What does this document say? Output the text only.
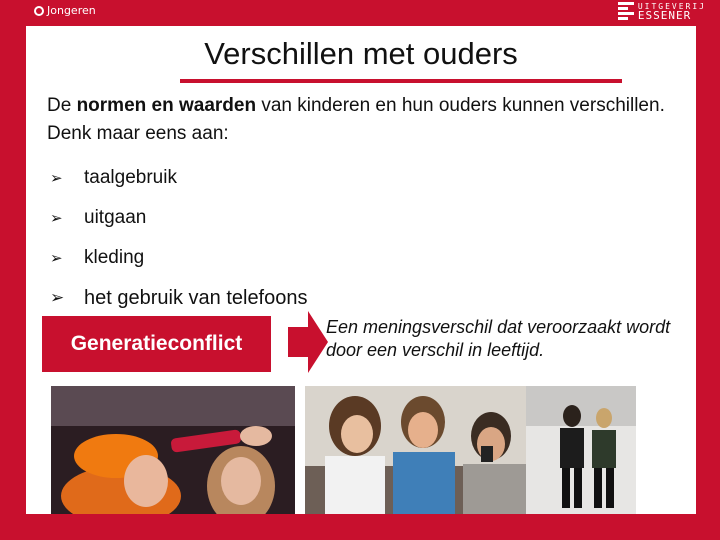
Jongeren	UITGEVERIJ
ESSENER
Verschillen met ouders
De normen en waarden van kinderen en hun ouders kunnen verschillen. Denk maar eens aan:
➢	taalgebruik
➢	uitgaan
➢	kleding
➢ het gebruik van telefoons
Generatieconflict
Een meningsverschil dat veroorzaakt wordt door een verschil in leeftijd.
